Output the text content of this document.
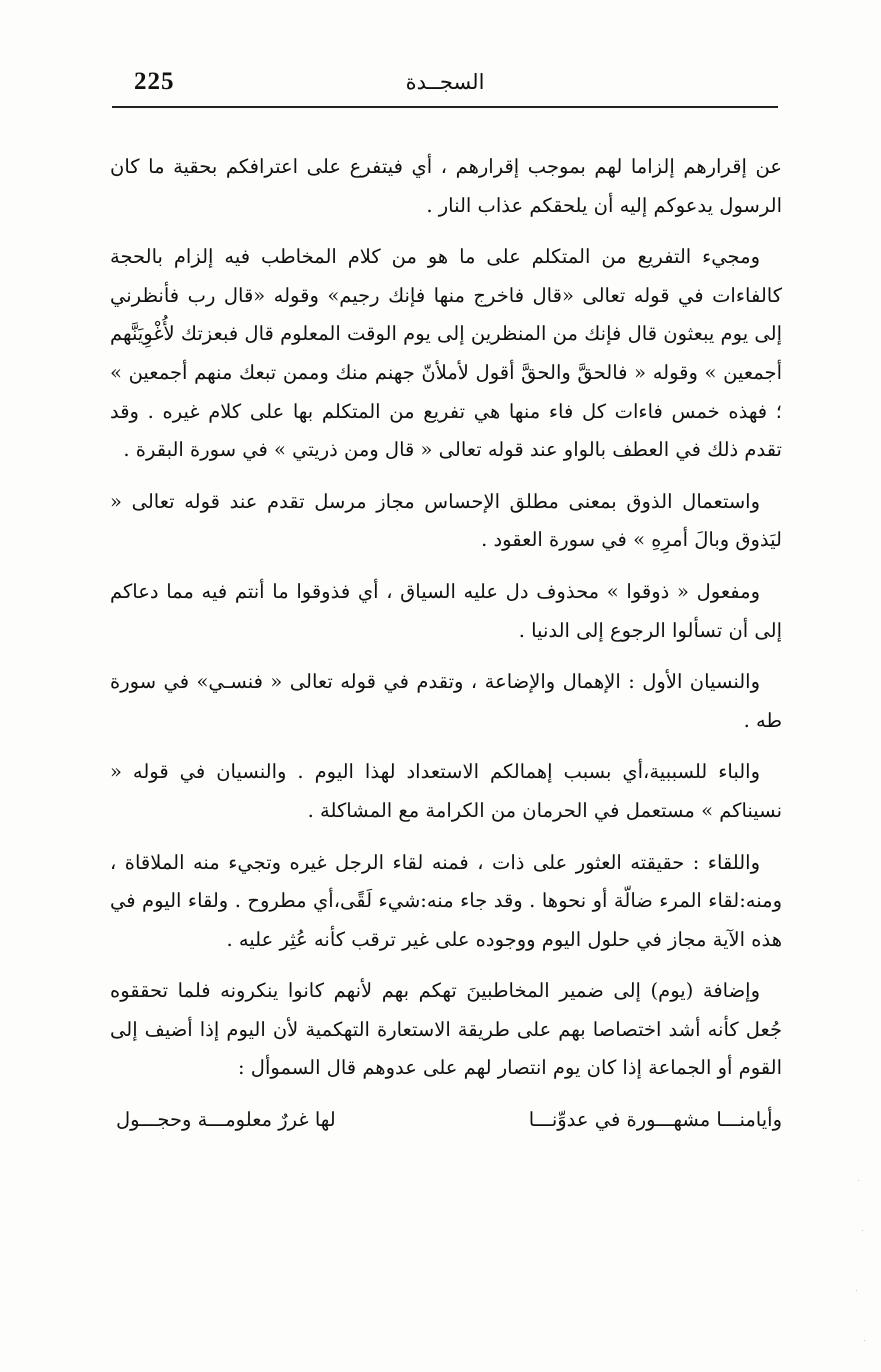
225	السجــدة

عن إقرارهم إلزاما لهم بموجب إقرارهم ، أي فيتفرع على اعترافكم بحقية ما كان الرسول يدعوكم إليه أن يلحقكم عذاب النار .

ومجيء التفريع من المتكلم على ما هو من كلام المخاطب فيه إلزام بالحجة كالفاءات في قوله تعالى «قال فاخرج منها فإنك رجيم» وقوله «قال رب فأنظرني إلى يوم يبعثون قال فإنك من المنظرين إلى يوم الوقت المعلوم قال فبعزتك لأُغْوِيَنَّهم أجمعين » وقوله « فالحقَّ والحقَّ أقول لأملأنّ جهنم منك وممن تبعك منهم أجمعين » ؛ فهذه خمس فاءات كل فاء منها هي تفريع من المتكلم بها على كلام غيره . وقد تقدم ذلك في العطف بالواو عند قوله تعالى « قال ومن ذريتي » في سورة البقرة .

واستعمال الذوق بمعنى مطلق الإحساس مجاز مرسل تقدم عند قوله تعالى « ليَذوق وبالَ أمرِهِ » في سورة العقود .

ومفعول « ذوقوا » محذوف دل عليه السياق ، أي فذوقوا ما أنتم فيه مما دعاكم إلى أن تسألوا الرجوع إلى الدنيا .

والنسيان الأول : الإهمال والإضاعة ، وتقدم في قوله تعالى « فنسـي» في سورة طه .

والباء للسببية،أي بسبب إهمالكم الاستعداد لهذا اليوم . والنسيان في قوله « نسيناكم » مستعمل في الحرمان من الكرامة مع المشاكلة .

واللقاء : حقيقته العثور على ذات ، فمنه لقاء الرجل غيره وتجيء منه الملاقاة ، ومنه:لقاء المرء ضالّة أو نحوها . وقد جاء منه:شيء لَقًى،أي مطروح . ولقاء اليوم في هذه الآية مجاز في حلول اليوم ووجوده على غير ترقب كأنه عُثِر عليه .

وإضافة (يوم) إلى ضمير المخاطبينَ تهكم بهم لأنهم كانوا ينكرونه فلما تحققوه جُعل كأنه أشد اختصاصا بهم على طريقة الاستعارة التهكمية لأن اليوم إذا أضيف إلى القوم أو الجماعة إذا كان يوم انتصار لهم على عدوهم قال السموأل :

وأيامنـــا مشهـــورة في عدوِّنـــا
لها غررٌ معلومـــة وحجـــول
